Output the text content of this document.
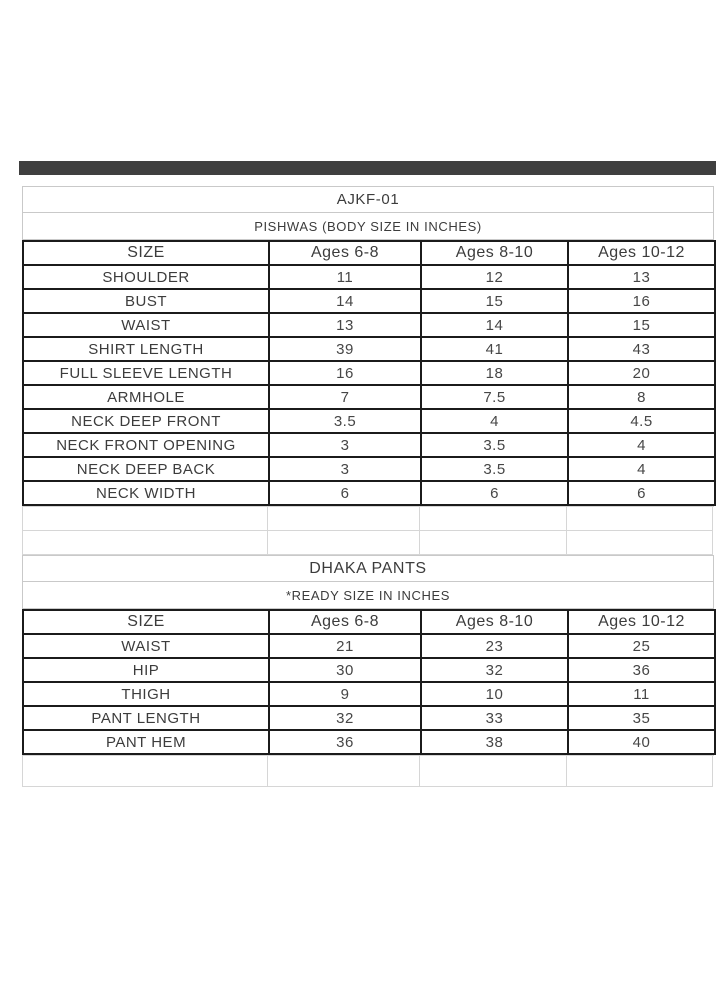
AJKF-01
PISHWAS (BODY SIZE IN INCHES)
SIZE	Ages 6-8	Ages 8-10	Ages 10-12
SHOULDER	11	12	13
BUST	14	15	16
WAIST	13	14	15
SHIRT LENGTH	39	41	43
FULL SLEEVE LENGTH	16	18	20
ARMHOLE	7	7.5	8
NECK DEEP FRONT	3.5	4	4.5
NECK FRONT OPENING	3	3.5	4
NECK DEEP BACK	3	3.5	4
NECK WIDTH	6	6	6
DHAKA PANTS
*READY SIZE IN INCHES
SIZE	Ages 6-8	Ages 8-10	Ages 10-12
WAIST	21	23	25
HIP	30	32	36
THIGH	9	10	11
PANT LENGTH	32	33	35
PANT HEM	36	38	40
